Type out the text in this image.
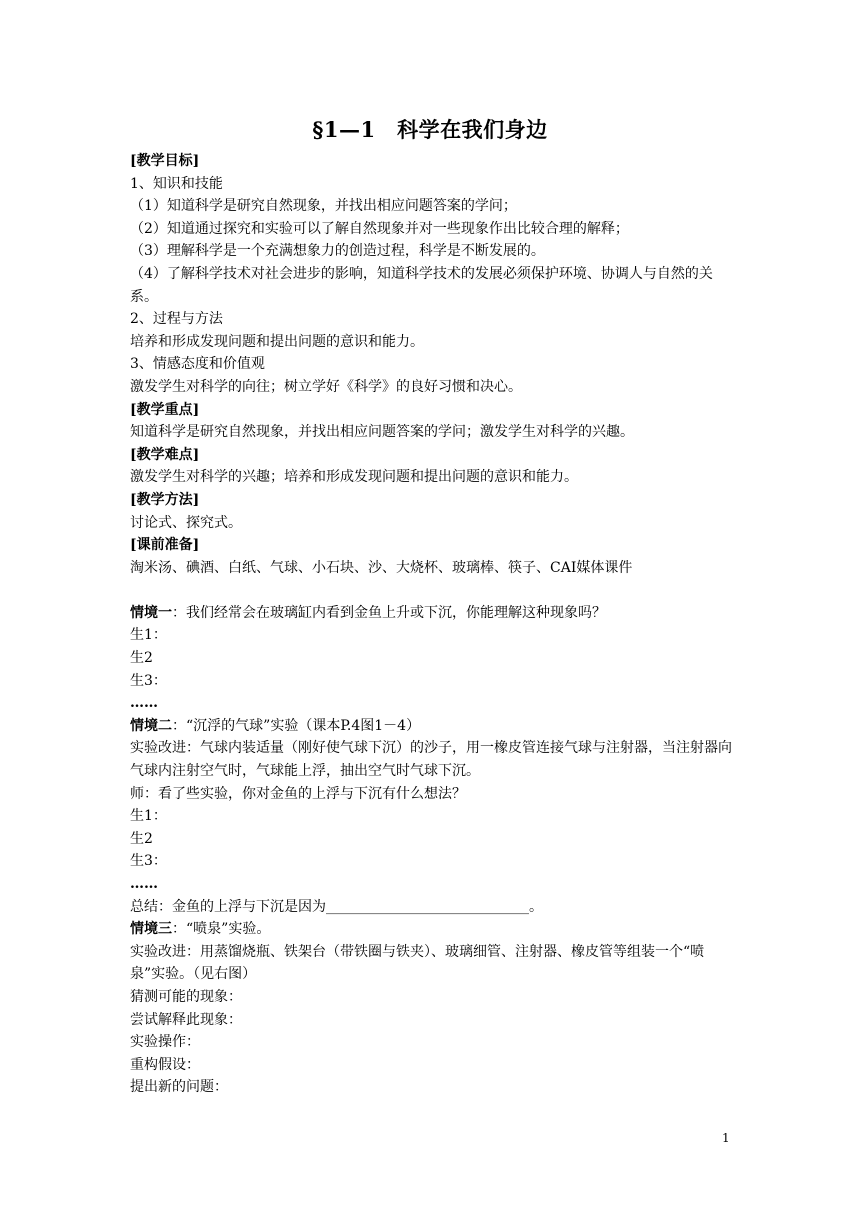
§1—1　科学在我们身边
[教学目标]
1、知识和技能
（1）知道科学是研究自然现象，并找出相应问题答案的学问；
（2）知道通过探究和实验可以了解自然现象并对一些现象作出比较合理的解释；
（3）理解科学是一个充满想象力的创造过程，科学是不断发展的。
（4）了解科学技术对社会进步的影响，知道科学技术的发展必须保护环境、协调人与自然的关系。
2、过程与方法
培养和形成发现问题和提出问题的意识和能力。
3、情感态度和价值观
激发学生对科学的向往；树立学好《科学》的良好习惯和决心。
[教学重点]
知道科学是研究自然现象，并找出相应问题答案的学问；激发学生对科学的兴趣。
[教学难点]
激发学生对科学的兴趣；培养和形成发现问题和提出问题的意识和能力。
[教学方法]
讨论式、探究式。
[课前准备]
淘米汤、碘酒、白纸、气球、小石块、沙、大烧杯、玻璃棒、筷子、CAI媒体课件
情境一：我们经常会在玻璃缸内看到金鱼上升或下沉，你能理解这种现象吗？
生1：
生2
生3：
……
情境二：“沉浮的气球”实验（课本P.4图1－4）
实验改进：气球内装适量（刚好使气球下沉）的沙子，用一橡皮管连接气球与注射器，当注射器向气球内注射空气时，气球能上浮，抽出空气时气球下沉。
师：看了些实验，你对金鱼的上浮与下沉有什么想法？
生1：
生2
生3：
……
总结：金鱼的上浮与下沉是因为_____________________________。
情境三：“喷泉”实验。
实验改进：用蒸馏烧瓶、铁架台（带铁圈与铁夹）、玻璃细管、注射器、橡皮管等组装一个“喷泉”实验。（见右图）
猜测可能的现象：
尝试解释此现象：
实验操作：
重构假设：
提出新的问题：
1
